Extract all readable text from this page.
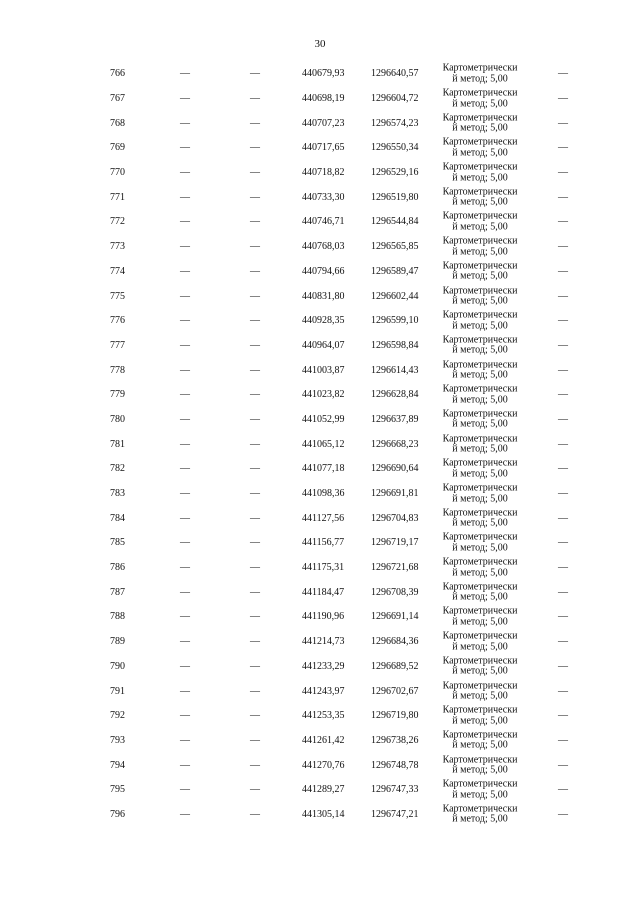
30
766	—	—	440679,93	1296640,57	Картометрически
й метод; 5,00	—
767	—	—	440698,19	1296604,72	Картометрически
й метод; 5,00	—
768	—	—	440707,23	1296574,23	Картометрически
й метод; 5,00	—
769	—	—	440717,65	1296550,34	Картометрически
й метод; 5,00	—
770	—	—	440718,82	1296529,16	Картометрически
й метод; 5,00	—
771	—	—	440733,30	1296519,80	Картометрически
й метод; 5,00	—
772	—	—	440746,71	1296544,84	Картометрически
й метод; 5,00	—
773	—	—	440768,03	1296565,85	Картометрически
й метод; 5,00	—
774	—	—	440794,66	1296589,47	Картометрически
й метод; 5,00	—
775	—	—	440831,80	1296602,44	Картометрически
й метод; 5,00	—
776	—	—	440928,35	1296599,10	Картометрически
й метод; 5,00	—
777	—	—	440964,07	1296598,84	Картометрически
й метод; 5,00	—
778	—	—	441003,87	1296614,43	Картометрически
й метод; 5,00	—
779	—	—	441023,82	1296628,84	Картометрически
й метод; 5,00	—
780	—	—	441052,99	1296637,89	Картометрически
й метод; 5,00	—
781	—	—	441065,12	1296668,23	Картометрически
й метод; 5,00	—
782	—	—	441077,18	1296690,64	Картометрически
й метод; 5,00	—
783	—	—	441098,36	1296691,81	Картометрически
й метод; 5,00	—
784	—	—	441127,56	1296704,83	Картометрически
й метод; 5,00	—
785	—	—	441156,77	1296719,17	Картометрически
й метод; 5,00	—
786	—	—	441175,31	1296721,68	Картометрически
й метод; 5,00	—
787	—	—	441184,47	1296708,39	Картометрически
й метод; 5,00	—
788	—	—	441190,96	1296691,14	Картометрически
й метод; 5,00	—
789	—	—	441214,73	1296684,36	Картометрически
й метод; 5,00	—
790	—	—	441233,29	1296689,52	Картометрически
й метод; 5,00	—
791	—	—	441243,97	1296702,67	Картометрически
й метод; 5,00	—
792	—	—	441253,35	1296719,80	Картометрически
й метод; 5,00	—
793	—	—	441261,42	1296738,26	Картометрически
й метод; 5,00	—
794	—	—	441270,76	1296748,78	Картометрически
й метод; 5,00	—
795	—	—	441289,27	1296747,33	Картометрически
й метод; 5,00	—
796	—	—	441305,14	1296747,21	Картометрически
й метод; 5,00	—
